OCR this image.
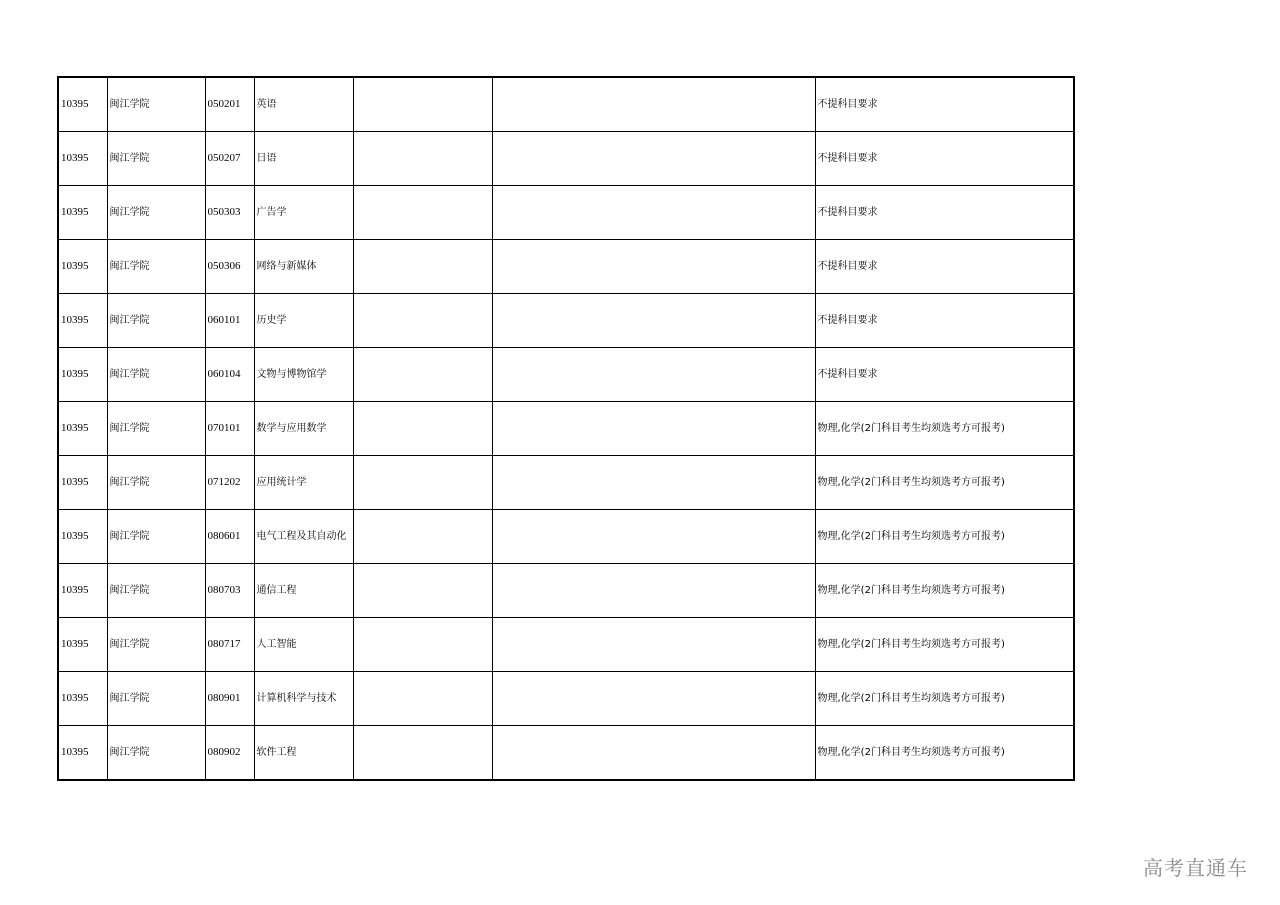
10395	闽江学院	050201	英语			不提科目要求
10395	闽江学院	050207	日语			不提科目要求
10395	闽江学院	050303	广告学			不提科目要求
10395	闽江学院	050306	网络与新媒体			不提科目要求
10395	闽江学院	060101	历史学			不提科目要求
10395	闽江学院	060104	文物与博物馆学			不提科目要求
10395	闽江学院	070101	数学与应用数学			物理,化学(2门科目考生均须选考方可报考)
10395	闽江学院	071202	应用统计学			物理,化学(2门科目考生均须选考方可报考)
10395	闽江学院	080601	电气工程及其自动化			物理,化学(2门科目考生均须选考方可报考)
10395	闽江学院	080703	通信工程			物理,化学(2门科目考生均须选考方可报考)
10395	闽江学院	080717	人工智能			物理,化学(2门科目考生均须选考方可报考)
10395	闽江学院	080901	计算机科学与技术			物理,化学(2门科目考生均须选考方可报考)
10395	闽江学院	080902	软件工程			物理,化学(2门科目考生均须选考方可报考)
高考直通车
